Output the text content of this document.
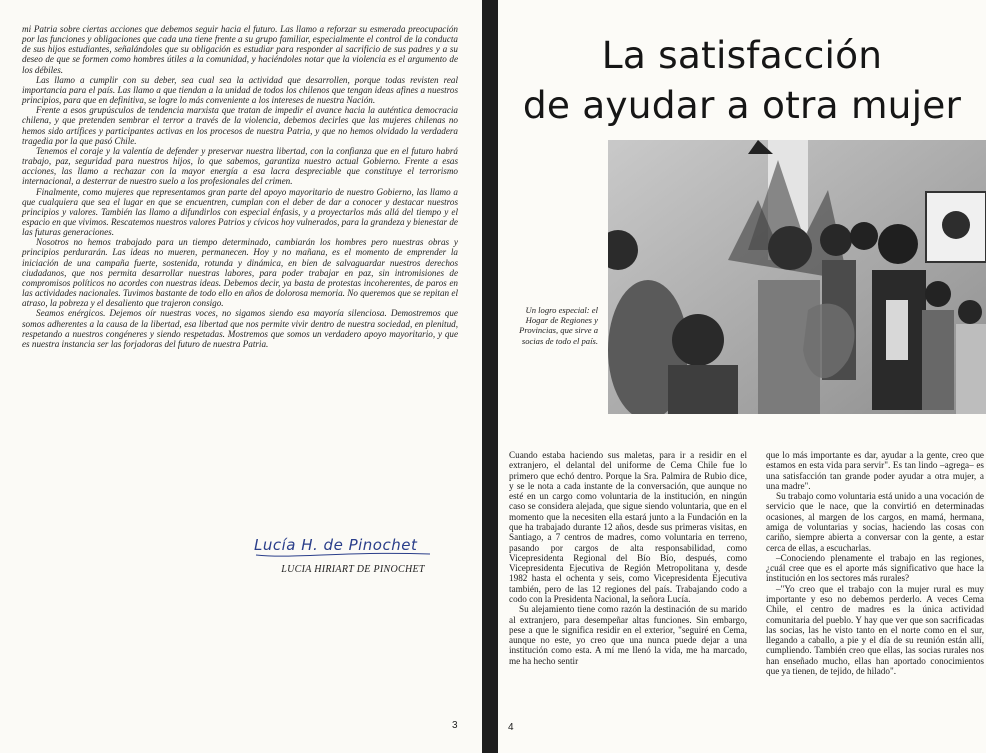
mi Patria sobre ciertas acciones que debemos seguir hacia el futuro. Las llamo a reforzar su esmerada preocupación por las funciones y obligaciones que cada una tiene frente a su grupo familiar, especialmente el control de la conducta de sus hijos estudiantes, señalándoles que su obligación es estudiar para responder al sacrificio de sus padres y a su deseo de que se formen como hombres útiles a la comunidad, y haciéndoles notar que la violencia es el argumento de los débiles.

Las llamo a cumplir con su deber, sea cual sea la actividad que desarrollen, porque todas revisten real importancia para el país. Las llamo a que tiendan a la unidad de todos los chilenos que tengan ideas afines a nuestros principios, para que en definitiva, se logre lo más conveniente a los intereses de nuestra Nación.

Frente a esos grupúsculos de tendencia marxista que tratan de impedir el avance hacia la auténtica democracia chilena, y que pretenden sembrar el terror a través de la violencia, debemos decirles que las mujeres chilenas no hemos sido artífices y participantes activas en los procesos de nuestra Patria, y que no hemos olvidado la verdadera tragedia por la que pasó Chile.

Tenemos el coraje y la valentía de defender y preservar nuestra libertad, con la confianza que en el futuro habrá trabajo, paz, seguridad para nuestros hijos, lo que sabemos, garantiza nuestro actual Gobierno. Frente a esas acciones, las llamo a rechazar con la mayor energía a esa lacra despreciable que constituye el terrorismo internacional, a desterrar de nuestro suelo a los profesionales del crimen.

Finalmente, como mujeres que representamos gran parte del apoyo mayoritario de nuestro Gobierno, las llamo a que cualquiera que sea el lugar en que se encuentren, cumplan con el deber de dar a conocer y destacar nuestros principios y valores. También las llamo a difundirlos con especial énfasis, y a proyectarlos más allá del tiempo y el espacio en que vivimos. Rescatemos nuestros valores Patrios y cívicos hoy vulnerados, para la grandeza y bienestar de las futuras generaciones.

Nosotros no hemos trabajado para un tiempo determinado, cambiarán los hombres pero nuestras obras y principios perdurarán. Las ideas no mueren, permanecen. Hoy y no mañana, es el momento de emprender la iniciación de una campaña fuerte, sostenida, rotunda y dinámica, en bien de salvaguardar nuestros derechos ciudadanos, que nos permita desarrollar nuestras labores, para poder trabajar en paz, sin intromisiones de compromisos políticos no acordes con nuestras ideas. Debemos decir, ya basta de protestas incoherentes, de paros en las actividades nacionales. Tuvimos bastante de todo ello en años de dolorosa memoria. No queremos que se repitan el atraso, la pobreza y el desaliento que trajeron consigo.

Seamos enérgicos. Dejemos oír nuestras voces, no sigamos siendo esa mayoría silenciosa. Demostremos que somos adherentes a la causa de la libertad, esa libertad que nos permite vivir dentro de nuestra sociedad, en plenitud, respetando a nuestros congéneres y siendo respetadas. Mostremos que somos un verdadero apoyo mayoritario, y que es nuestra instancia ser las forjadoras del futuro de nuestra Patria.

Lucía H. de Pinochet
LUCIA HIRIART DE PINOCHET
3
La satisfacción
de ayudar a otra mujer
Un logro especial: el Hogar de Regiones y Provincias, que sirve a socias de todo el país.

Cuando estaba haciendo sus maletas, para ir a residir en el extranjero, el delantal del uniforme de Cema Chile fue lo primero que echó dentro. Porque la Sra. Palmira de Rubio dice, y se le nota a cada instante de la conversación, que aunque no esté en un cargo como voluntaria de la institución, en ningún caso se considera alejada, que sigue siendo voluntaria, que en el momento que la necesiten ella estará junto a la Fundación en la que ha trabajado durante 12 años, desde sus primeras visitas, en Santiago, a 7 centros de madres, como voluntaria en terreno, pasando por cargos de alta responsabilidad, como Vicepresidenta Regional del Bío Bío, después, como Vicepresidenta Ejecutiva de Región Metropolitana y, desde 1982 hasta el ochenta y seis, como Vicepresidenta Ejecutiva también, pero de las 12 regiones del país. Trabajando codo a codo con la Presidenta Nacional, la señora Lucía.

Su alejamiento tiene como razón la destinación de su marido al extranjero, para desempeñar altas funciones. Sin embargo, pese a que le significa residir en el exterior, "seguiré en Cema, aunque no este, yo creo que una nunca puede dejar a una institución como esta. A mí me llenó la vida, me ha marcado, me ha hecho sentir

que lo más importante es dar, ayudar a la gente, creo que estamos en esta vida para servir". Es tan lindo –agrega– es una satisfacción tan grande poder ayudar a otra mujer, a una madre".

Su trabajo como voluntaria está unido a una vocación de servicio que le nace, que la convirtió en determinadas ocasiones, al margen de los cargos, en mamá, hermana, amiga de voluntarias y socias, haciendo las cosas con cariño, siempre abierta a conversar con la gente, a estar cerca de ellas, a escucharlas.

–Conociendo plenamente el trabajo en las regiones, ¿cuál cree que es el aporte más significativo que hace la institución en los sectores más rurales?

–"Yo creo que el trabajo con la mujer rural es muy importante y eso no debemos perderlo. A veces Cema Chile, el centro de madres es la única actividad comunitaria del pueblo. Y hay que ver que son sacrificadas las socias, las he visto tanto en el norte como en el sur, llegando a caballo, a pie y el día de su reunión están allí, cumpliendo. También creo que ellas, las socias rurales nos han enseñado mucho, ellas han aportado conocimientos que ya tienen, de tejido, de hilado".

4
